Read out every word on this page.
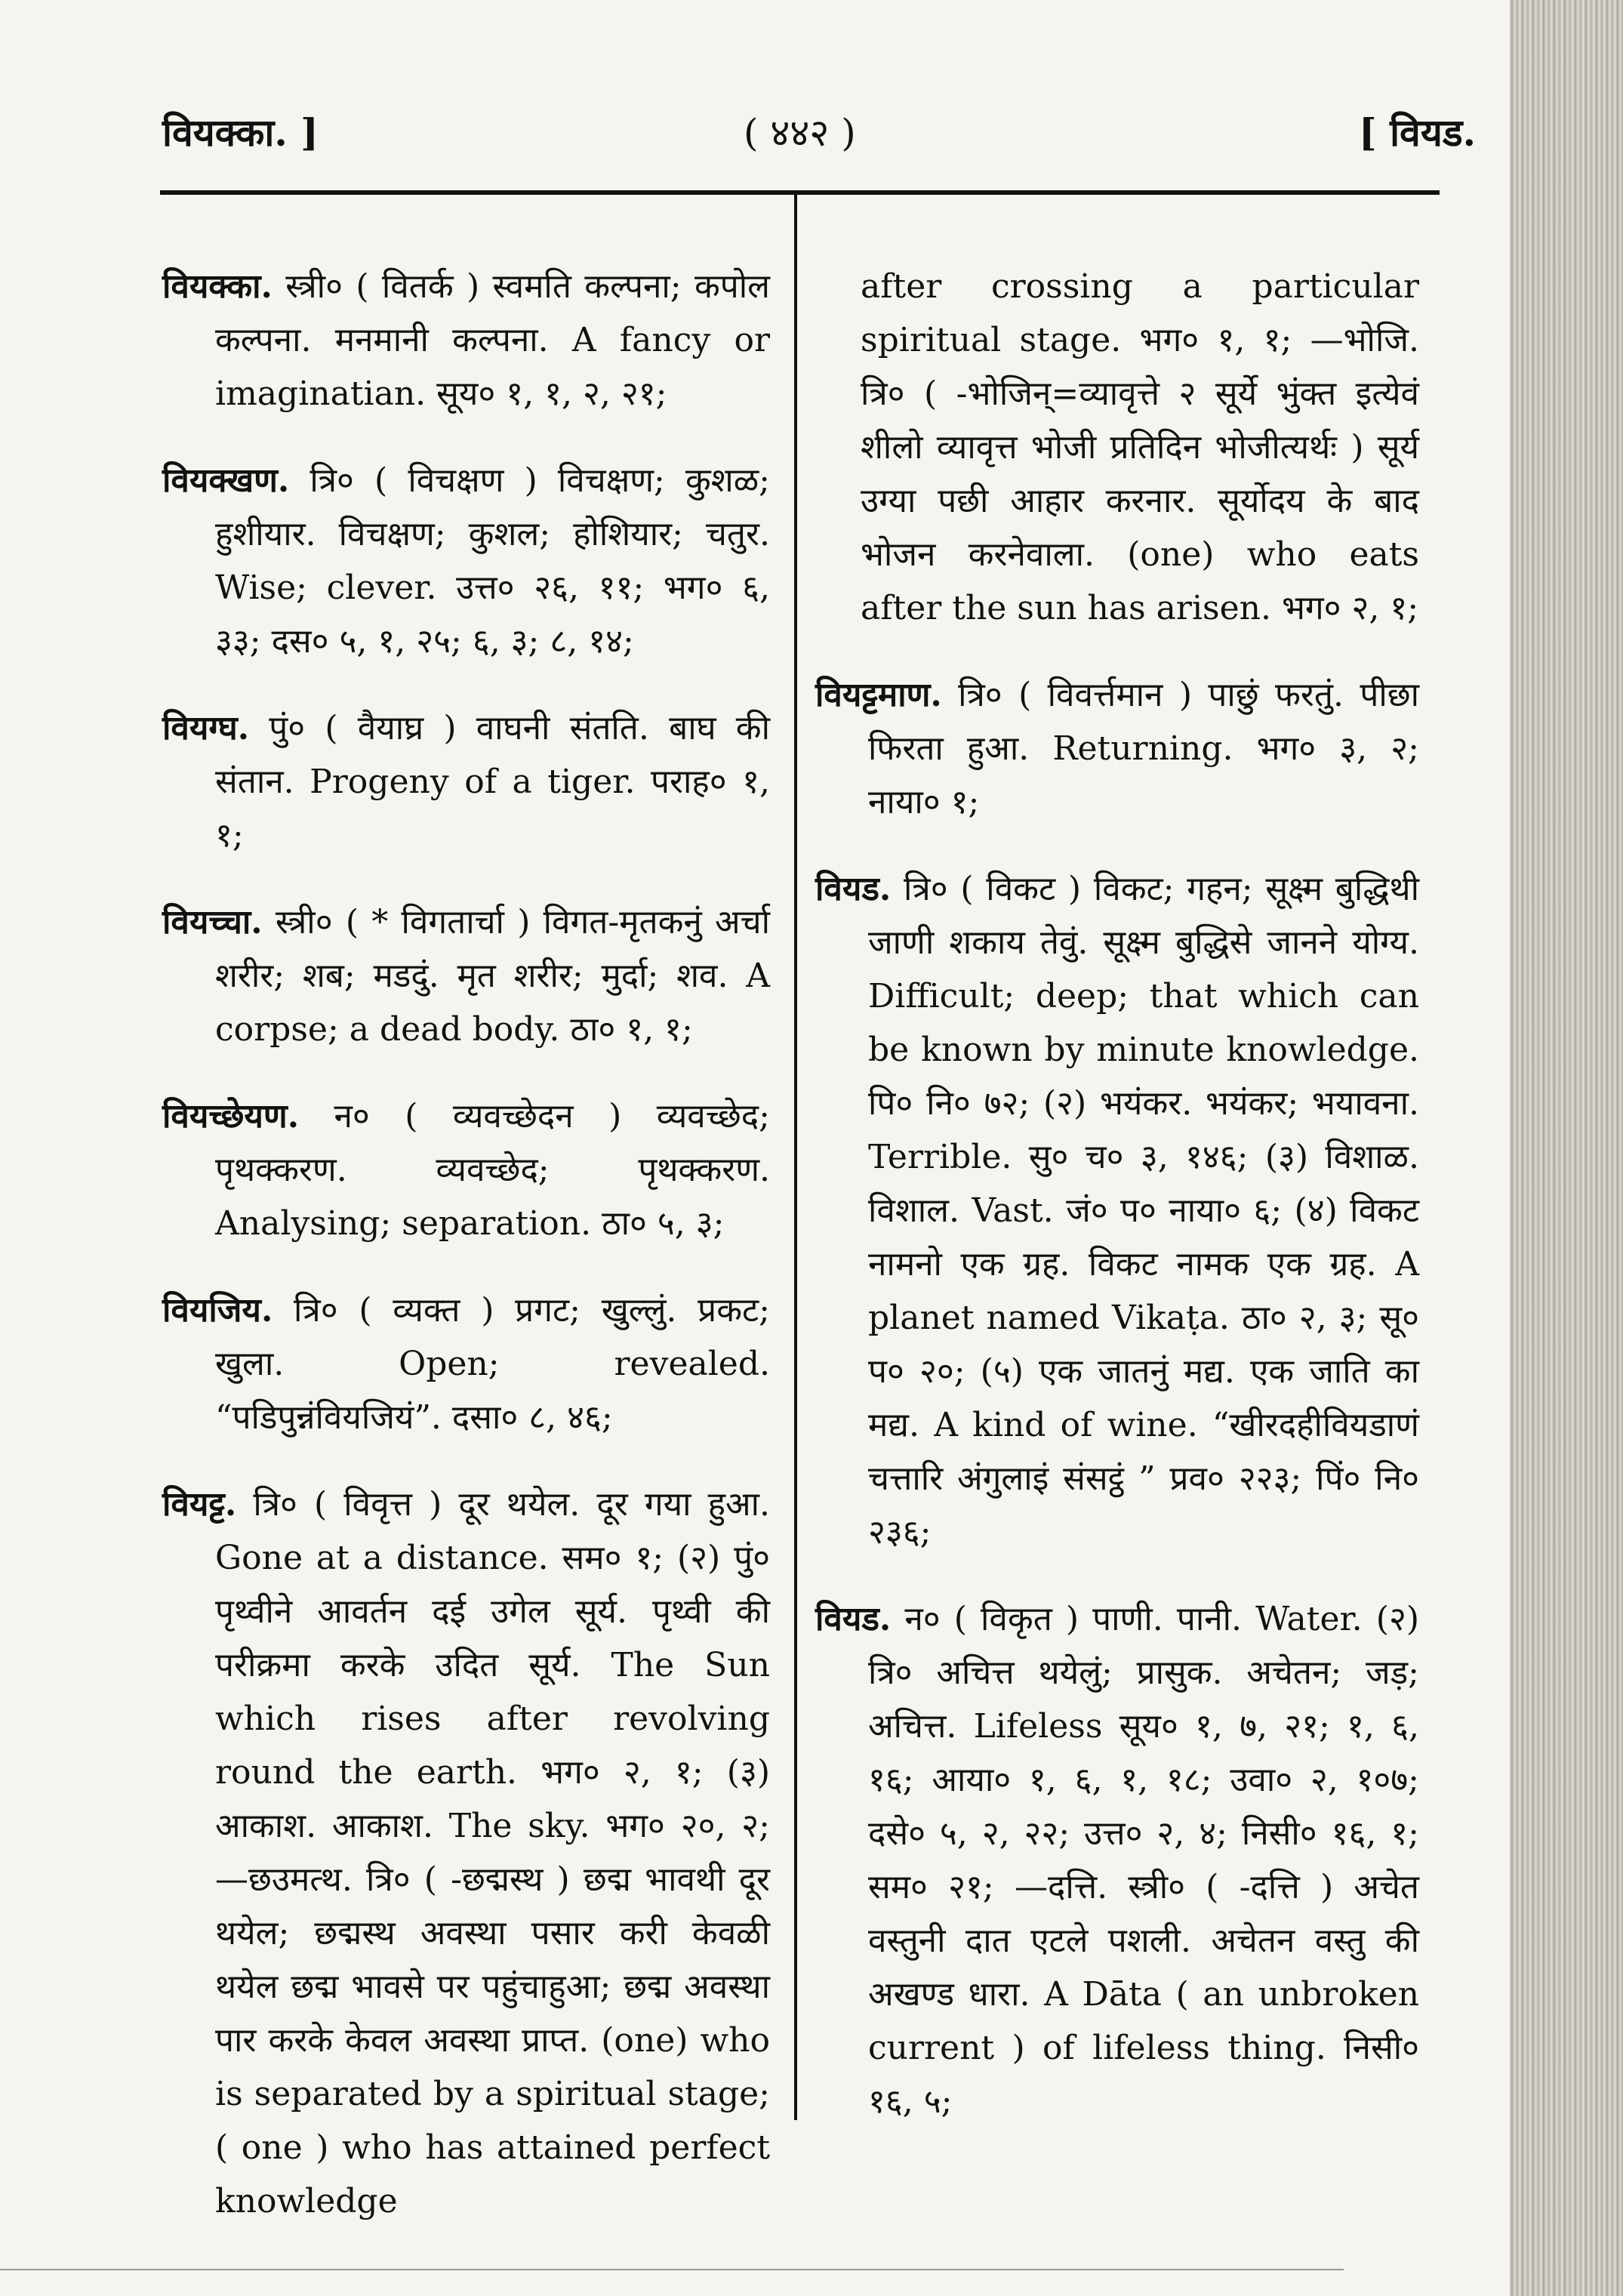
वियक्का. ]	( ४४२ )	[ वियड.

वियक्का. स्त्री० ( वितर्क ) स्वमति कल्पना; कपोल कल्पना. मनमानी कल्पना. A fancy or imaginatian. सूय० १, १, २, २१;

वियक्खण. त्रि० ( विचक्षण ) विचक्षण; कुशळ; हुशीयार. विचक्षण; कुशल; होशियार; चतुर. Wise; clever. उत्त० २६, ११; भग० ६, ३३; दस० ५, १, २५; ६, ३; ८, १४;

वियग्घ. पुं० ( वैयाघ्र ) वाघनी संतति. बाघ की संतान. Progeny of a tiger. पराह० १, १;

वियच्चा. स्त्री० ( * विगतार्चा ) विगत-मृतकनुं अर्चा शरीर; शब; मडदुं. मृत शरीर; मुर्दा; शव. A corpse; a dead body. ठा० १, १;

वियच्छेयण. न० ( व्यवच्छेदन ) व्यवच्छेद; पृथक्करण. व्यवच्छेद; पृथक्करण. Analysing; separation. ठा० ५, ३;

वियजिय. त्रि० ( व्यक्त ) प्रगट; खुल्लुं. प्रकट; खुला. Open; revealed. “पडिपुन्नंवियजियं”. दसा० ८, ४६;

वियट्ट. त्रि० ( विवृत्त ) दूर थयेल. दूर गया हुआ. Gone at a distance. सम० १; (२) पुं० पृथ्वीने आवर्तन दई उगेल सूर्य. पृथ्वी की परीक्रमा करके उदित सूर्य. The Sun which rises after revolving round the earth. भग० २, १; (३) आकाश. आकाश. The sky. भग० २०, २; —छउमत्थ. त्रि० ( -छद्मस्थ ) छद्म भावथी दूर थयेल; छद्मस्थ अवस्था पसार करी केवळी थयेल छद्म भावसे पर पहुंचाहुआ; छद्म अवस्था पार करके केवल अवस्था प्राप्त. (one) who is separated by a spiritual stage; ( one ) who has attained perfect knowledge

after crossing a particular spiritual stage. भग० १, १; —भोजि. त्रि० ( -भोजिन्=व्यावृत्ते २ सूर्ये भुंक्त इत्येवं शीलो व्यावृत्त भोजी प्रतिदिन भोजीत्यर्थः ) सूर्य उग्या पछी आहार करनार. सूर्योदय के बाद भोजन करनेवाला. (one) who eats after the sun has arisen. भग० २, १;

वियट्टमाण. त्रि० ( विवर्त्तमान ) पाछुं फरतुं. पीछा फिरता हुआ. Returning. भग० ३, २; नाया० १;

वियड. त्रि० ( विकट ) विकट; गहन; सूक्ष्म बुद्धिथी जाणी शकाय तेवुं. सूक्ष्म बुद्धिसे जानने योग्य. Difficult; deep; that which can be known by minute knowledge. पि० नि० ७२; (२) भयंकर. भयंकर; भयावना. Terrible. सु० च० ३, १४६; (३) विशाळ. विशाल. Vast. जं० प० नाया० ६; (४) विकट नामनो एक ग्रह. विकट नामक एक ग्रह. A planet named Vikaṭa. ठा० २, ३; सू० प० २०; (५) एक जातनुं मद्य. एक जाति का मद्य. A kind of wine. “खीरदहीवियडाणं चत्तारि अंगुलाइं संसट्ठं ” प्रव० २२३; पिं० नि० २३६;

वियड. न० ( विकृत ) पाणी. पानी. Water. (२) त्रि० अचित्त थयेलुं; प्रासुक. अचेतन; जड़; अचित्त. Lifeless सूय० १, ७, २१; १, ६, १६; आया० १, ६, १, १८; उवा० २, १०७; दसे० ५, २, २२; उत्त० २, ४; निसी० १६, १; सम० २१; —दत्ति. स्त्री० ( -दत्ति ) अचेत वस्तुनी दात एटले पशली. अचेतन वस्तु की अखण्ड धारा. A Dāta ( an unbroken current ) of lifeless thing. निसी० १६, ५;
